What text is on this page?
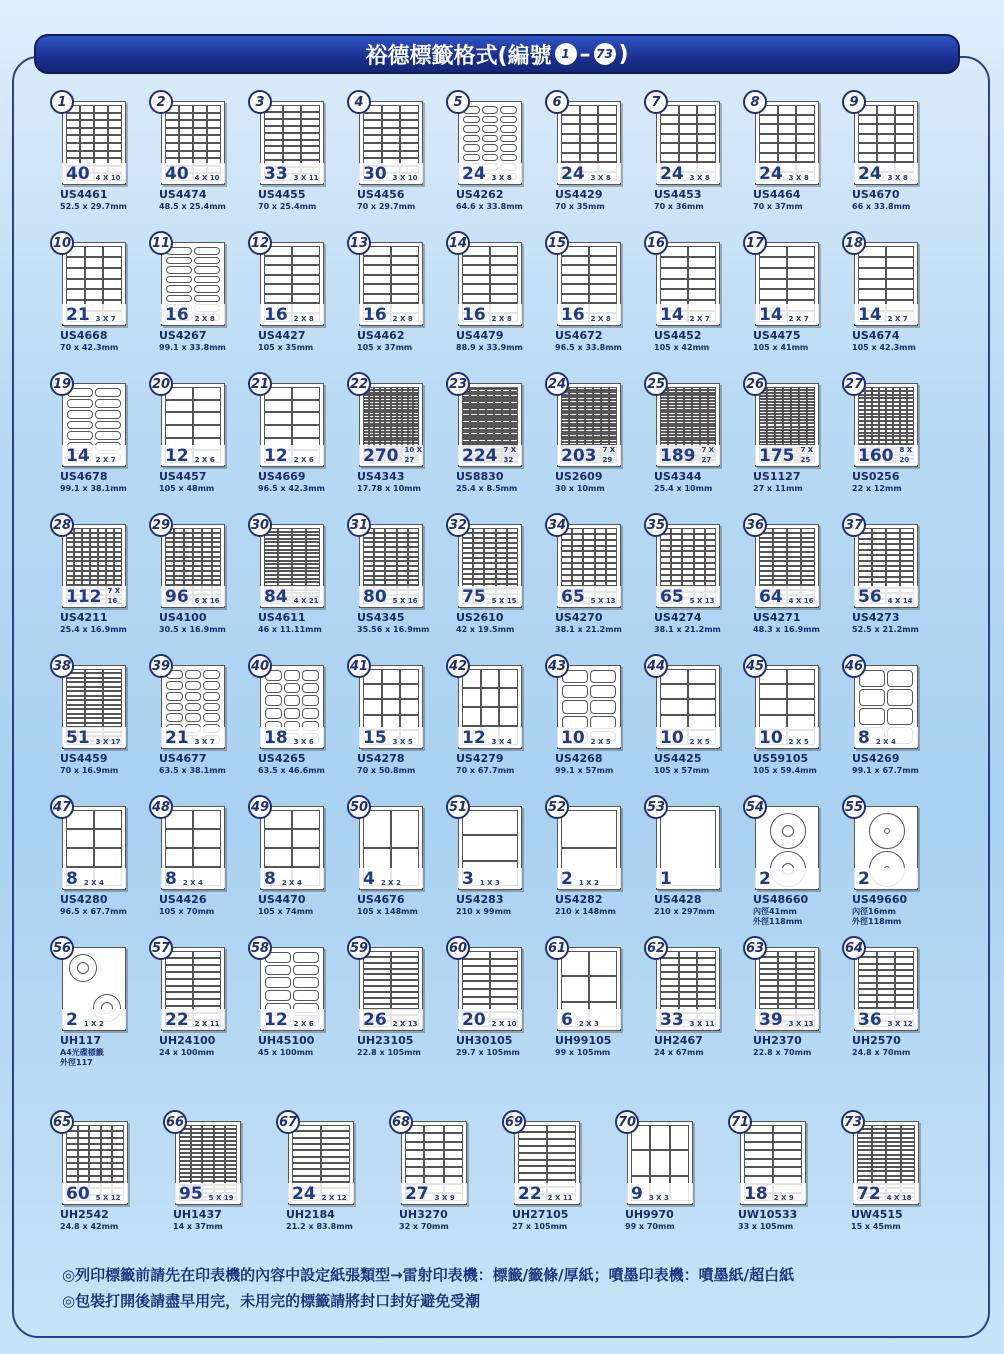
裕德標籤格式(編號 1 – 73 )
1
40 4 X 10
US4461
52.5 x 29.7mm
2
40 4 X 10
US4474
48.5 x 25.4mm
3
33 3 X 11
US4455
70 x 25.4mm
4
30 3 X 10
US4456
70 x 29.7mm
5
24 3 X 8
US4262
64.6 x 33.8mm
6
24 3 X 8
US4429
70 x 35mm
7
24 3 X 8
US4453
70 x 36mm
8
24 3 X 8
US4464
70 x 37mm
9
24 3 X 8
US4670
66 x 33.8mm
10
21 3 X 7
US4668
70 x 42.3mm
11
16 2 X 8
US4267
99.1 x 33.8mm
12
16 2 X 8
US4427
105 x 35mm
13
16 2 X 8
US4462
105 x 37mm
14
16 2 X 8
US4479
88.9 x 33.9mm
15
16 2 X 8
US4672
96.5 x 33.8mm
16
14 2 X 7
US4452
105 x 42mm
17
14 2 X 7
US4475
105 x 41mm
18
14 2 X 7
US4674
105 x 42.3mm
19
14 2 X 7
US4678
99.1 x 38.1mm
20
12 2 X 6
US4457
105 x 48mm
21
12 2 X 6
US4669
96.5 x 42.3mm
22
270 10 X 27
US4343
17.78 x 10mm
23
224 7 X 32
US8830
25.4 x 8.5mm
24
203 7 X 29
US2609
30 x 10mm
25
189 7 X 27
US4344
25.4 x 10mm
26
175 7 X 25
US1127
27 x 11mm
27
160 8 X 20
US0256
22 x 12mm
28
112 7 X 16
US4211
25.4 x 16.9mm
29
96 6 X 16
US4100
30.5 x 16.9mm
30
84 4 X 21
US4611
46 x 11.11mm
31
80 5 X 16
US4345
35.56 x 16.9mm
32
75 5 X 15
US2610
42 x 19.5mm
34
65 5 X 13
US4270
38.1 x 21.2mm
35
65 5 X 13
US4274
38.1 x 21.2mm
36
64 4 X 16
US4271
48.3 x 16.9mm
37
56 4 X 14
US4273
52.5 x 21.2mm
38
51 3 X 17
US4459
70 x 16.9mm
39
21 3 X 7
US4677
63.5 x 38.1mm
40
18 3 X 6
US4265
63.5 x 46.6mm
41
15 3 X 5
US4278
70 x 50.8mm
42
12 3 X 4
US4279
70 x 67.7mm
43
10 2 X 5
US4268
99.1 x 57mm
44
10 2 X 5
US4425
105 x 57mm
45
10 2 X 5
US59105
105 x 59.4mm
46
8 2 X 4
US4269
99.1 x 67.7mm
47
8 2 X 4
US4280
96.5 x 67.7mm
48
8 2 X 4
US4426
105 x 70mm
49
8 2 X 4
US4470
105 x 74mm
50
4 2 X 2
US4676
105 x 148mm
51
3 1 X 3
US4283
210 x 99mm
52
2 1 X 2
US4282
210 x 148mm
53
1
US4428
210 x 297mm
54
2
US48660
內徑41mm
外徑118mm
55
2
US49660
內徑16mm
外徑118mm
56
2 1 X 2
UH117
A4光碟標籤
外徑117
57
22 2 X 11
UH24100
24 x 100mm
58
12 2 X 6
UH45100
45 x 100mm
59
26 2 X 13
UH23105
22.8 x 105mm
60
20 2 X 10
UH30105
29.7 x 105mm
61
6 2 X 3
UH99105
99 x 105mm
62
33 3 X 11
UH2467
24 x 67mm
63
39 3 X 13
UH2370
22.8 x 70mm
64
36 3 X 12
UH2570
24.8 x 70mm
65
60 5 X 12
UH2542
24.8 x 42mm
66
95 5 X 19
UH1437
14 x 37mm
67
24 2 X 12
UH2184
21.2 x 83.8mm
68
27 3 X 9
UH3270
32 x 70mm
69
22 2 X 11
UH27105
27 x 105mm
70
9 3 X 3
UH9970
99 x 70mm
71
18 2 X 9
UW10533
33 x 105mm
73
72 4 X 18
UW4515
15 x 45mm
◎列印標籤前請先在印表機的內容中設定紙張類型→雷射印表機：標籤/籤條/厚紙；噴墨印表機：噴墨紙/超白紙
◎包裝打開後請盡早用完，未用完的標籤請將封口封好避免受潮
